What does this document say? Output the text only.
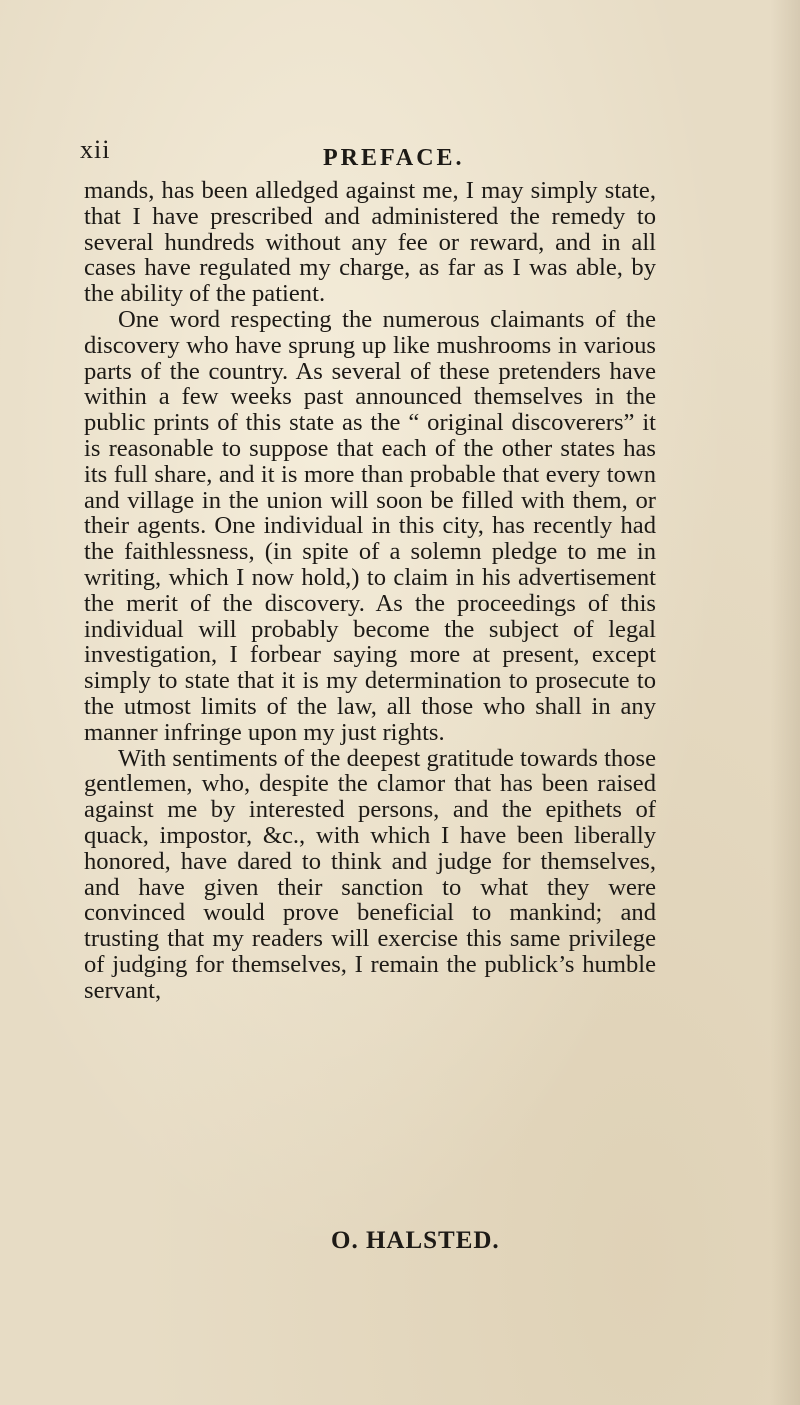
xii	PREFACE.

mands, has been alledged against me, I may simply state, that I have prescribed and administered the remedy to several hundreds without any fee or reward, and in all cases have regulated my charge, as far as I was able, by the ability of the patient.

One word respecting the numerous claimants of the discovery who have sprung up like mushrooms in various parts of the country. As several of these pretenders have within a few weeks past announced themselves in the public prints of this state as the “ original discoverers” it is reasonable to suppose that each of the other states has its full share, and it is more than probable that every town and village in the union will soon be filled with them, or their agents. One individual in this city, has recently had the faithlessness, (in spite of a solemn pledge to me in writing, which I now hold,) to claim in his advertisement the merit of the discovery. As the proceedings of this individual will probably become the subject of legal investigation, I forbear saying more at present, except simply to state that it is my determination to prosecute to the utmost limits of the law, all those who shall in any manner infringe upon my just rights.

With sentiments of the deepest gratitude towards those gentlemen, who, despite the clamor that has been raised against me by interested persons, and the epithets of quack, impostor, &c., with which I have been liberally honored, have dared to think and judge for themselves, and have given their sanction to what they were convinced would prove beneficial to mankind; and trusting that my readers will exercise this same privilege of judging for themselves, I remain the publick’s humble servant,

O. HALSTED.
